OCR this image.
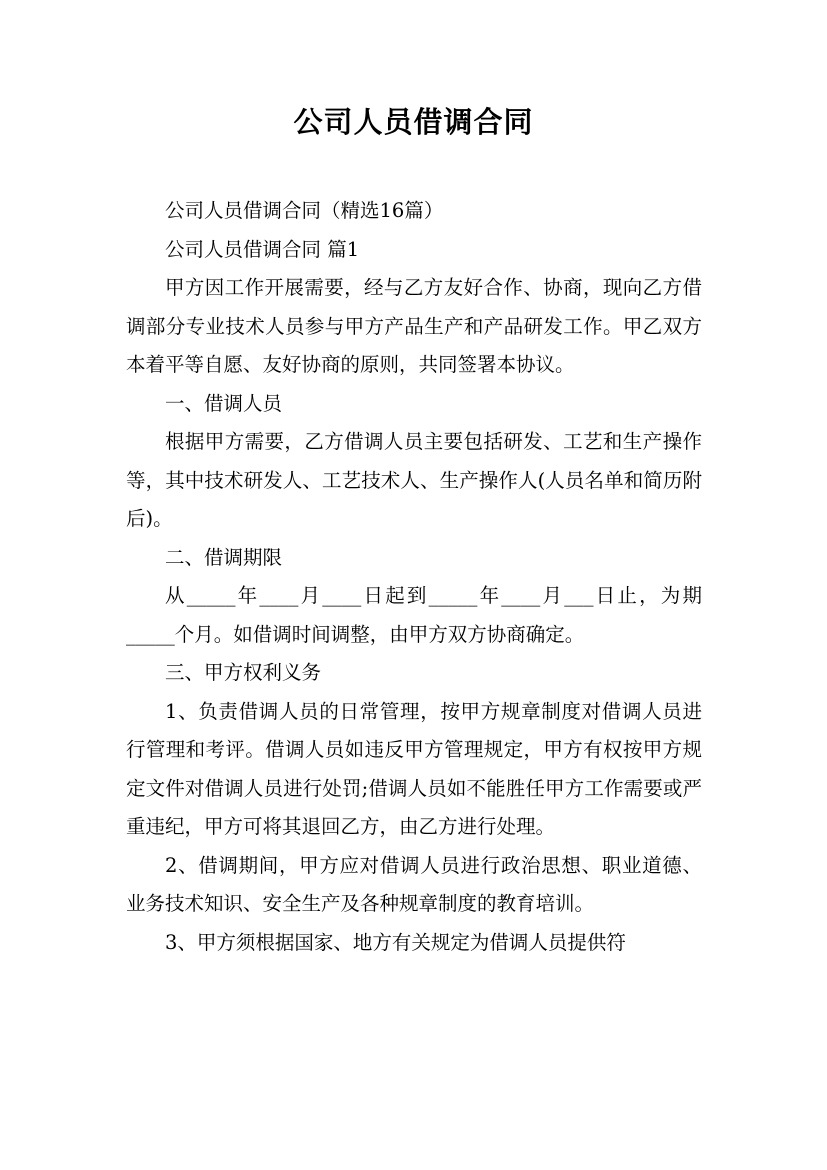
公司人员借调合同

公司人员借调合同（精选16篇）

公司人员借调合同 篇1

甲方因工作开展需要，经与乙方友好合作、协商，现向乙方借调部分专业技术人员参与甲方产品生产和产品研发工作。甲乙双方本着平等自愿、友好协商的原则，共同签署本协议。

一、借调人员

根据甲方需要，乙方借调人员主要包括研发、工艺和生产操作等，其中技术研发人、工艺技术人、生产操作人(人员名单和简历附后)。

二、借调期限

从_____年____月____日起到_____年____月___日止，为期_____个月。如借调时间调整，由甲方双方协商确定。

三、甲方权利义务

1、负责借调人员的日常管理，按甲方规章制度对借调人员进行管理和考评。借调人员如违反甲方管理规定，甲方有权按甲方规定文件对借调人员进行处罚;借调人员如不能胜任甲方工作需要或严重违纪，甲方可将其退回乙方，由乙方进行处理。

2、借调期间，甲方应对借调人员进行政治思想、职业道德、业务技术知识、安全生产及各种规章制度的教育培训。

3、甲方须根据国家、地方有关规定为借调人员提供符
